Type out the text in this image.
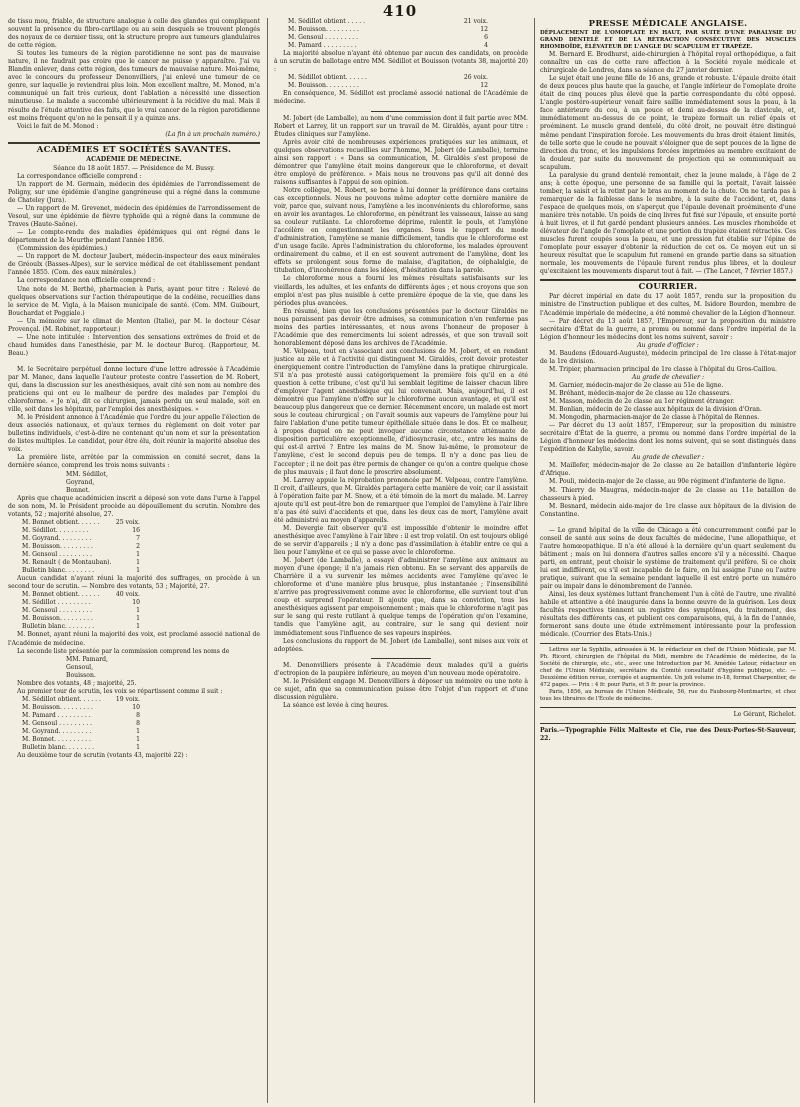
410

de tissu mou, friable, de structure analogue à celle des glandes qui compliquent souvent la présence du fibro-cartilage ou au sein desquels se trouvent plongés des noyaux de ce dernier tissu, ont la structure propre aux tumeurs glandulaires de cette région.

Si toutes les tumeurs de la région parotidienne ne sont pas de mauvaise nature, il ne faudrait pas croire que le cancer ne puisse y apparaître. J'ai vu Blandin enlever, dans cette région, des tumeurs de mauvaise nature. Moi-même, avec le concours du professeur Denonvilliers, j'ai enlevé une tumeur de ce genre, sur laquelle je reviendrai plus loin. Mon excellent maître, M. Monod, m'a communiqué un fait très curieux, dont l'ablation a nécessité une dissection minutieuse. Le malade a succombé ultérieurement à la récidive du mal. Mais il résulte de l'étude attentive des faits, que le vrai cancer de la région parotidienne est moins fréquent qu'on ne le pensait il y a quinze ans.

Voici le fait de M. Monod :

(La fin à un prochain numéro.)

ACADÉMIES ET SOCIÉTÉS SAVANTES.
ACADÉMIE DE MÉDECINE.

Séance du 18 août 1857. — Présidence de M. Bussy.

La correspondance officielle comprend :

Un rapport de M. Germain, médecin des épidémies de l'arrondissement de Poligny, sur une épidémie d'angine gangréneuse qui a régné dans la commune de Chateley (Jura).

— Un rapport de M. Grevenet, médecin des épidémies de l'arrondissement de Vesoul, sur une épidémie de fièvre typhoïde qui a régné dans la commune de Traves (Haute-Saône).

— Le compte-rendu des maladies épidémiques qui ont régné dans le département de la Meurthe pendant l'année 1856.

(Commission des épidémies.)

— Un rapport de M. docteur Jaubert, médecin-inspecteur des eaux minérales de Gréoulx (Basses-Alpes), sur le service médical de cet établissement pendant l'année 1855. (Com. des eaux minérales.)

La correspondance non officielle comprend :

Une note de M. Berthé, pharmacien à Paris, ayant pour titre : Relevé de quelques observations sur l'action thérapeutique de la codéine, recueillies dans le service de M. Vigla, à la Maison municipale de santé. (Com. MM. Guibourt, Bouchardat et Poggiale.)

— Un mémoire sur le climat de Menton (Italie), par M. le docteur César Provençal. (M. Robinet, rapporteur.)

— Une note intitulée : Intervention des sensations extrêmes de froid et de chaud humides dans l'anesthésie, par M. le docteur Burcq. (Rapporteur, M. Beau.)

M. le Secrétaire perpétuel donne lecture d'une lettre adressée à l'Académie par M. Manec, dans laquelle l'auteur proteste contre l'assertion de M. Robert, qui, dans la discussion sur les anesthésiques, avait cité son nom au nombre des praticiens qui ont eu le malheur de perdre des malades par l'emploi du chloroforme. « Je n'ai, dit ce chirurgien, jamais perdu un seul malade, soit en ville, soit dans les hôpitaux, par l'emploi des anesthésiques. »

M. le Président annonce à l'Académie que l'ordre du jour appelle l'élection de deux associés nationaux, et qu'aux termes du règlement on doit voter par bulletins individuels, c'est-à-dire ne contenant qu'un nom et sur la présentation de listes multiples. Le candidat, pour être élu, doit réunir la majorité absolue des voix.

La première liste, arrêtée par la commission en comité secret, dans la dernière séance, comprend les trois noms suivants :

MM. Sédillot,

Goyrand,

Bonnet.

Après que chaque académicien inscrit a déposé son vote dans l'urne à l'appel de son nom, M. le Président procède au dépouillement du scrutin. Nombre des votants, 52 ; majorité absolue, 27.

M. Bonnet obtient. . . . . .	25 voix.
M. Sédillot. . . . . . . . .	16
M. Goyrand. . . . . . . . .	7
M. Bouisson. . . . . . . . .	2
M. Gensoul . . . . . . . . .	1
M. Renault ( de Montauban).	1
Bulletin blanc. . . . . . . .	1

Aucun candidat n'ayant réuni la majorité des suffrages, on procède à un second tour de scrutin. — Nombre des votants, 53 ; Majorité, 27.

M. Bonnet obtient. . . . . .	40 voix.
M. Sédillot . . . . . . . . .	10
M. Gensoul . . . . . . . . .	1
M. Bouisson. . . . . . . . .	1
Bulletin blanc. . . . . . . .	1

M. Bonnet, ayant réuni la majorité des voix, est proclamé associé national de l'Académie de médecine.

La seconde liste présentée par la commission comprend les noms de

MM. Pamard,

Gensoul,

Bouisson.

Nombre des votants, 48 ; majorité, 25.

Au premier tour de scrutin, les voix se répartissent comme il suit :

M. Sédillot obtient. . . . . . 19 voix.
M. Bouisson. . . . . . . . .	10
M. Pamard . . . . . . . . .	8
M. Gensoul . . . . . . . . .	8
M. Goyrand. . . . . . . . .	1
M. Bonnet. . . . . . . . . .	1
Bulletin blanc. . . . . . . .	1

Au deuxième tour de scrutin (votants 43, majorité 22) :

M. Sédillot obtient . . . . .	21 voix.
M. Bouisson. . . . . . . . .	12
M. Gensoul . . . . . . . . .	6
M. Pamard . . . . . . . . .	4

La majorité absolue n'ayant été obtenue par aucun des candidats, on procède à un scrutin de ballotage entre MM. Sédillot et Bouisson (votants 38, majorité 20) :

M. Sédillot obtient. . . . . .	26 voix.
M. Bouisson. . . . . . . . .	12

En conséquence, M. Sédillot est proclamé associé national de l'Académie de médecine.

M. Jobert (de Lamballe), au nom d'une commission dont il fait partie avec MM. Robert et Larrey, lit un rapport sur un travail de M. Giraldès, ayant pour titre : Études cliniques sur l'amylène.

Après avoir cité de nombreuses expériences pratiquées sur les animaux, et quelques observations recueillies sur l'homme, M. Jobert (de Lamballe), termine ainsi son rapport : « Dans sa communication, M. Giraldès s'est proposé de démontrer que l'amylène était moins dangereux que le chloroforme, et devait être employé de préférence. » Mais nous ne trouvons pas qu'il ait donné des raisons suffisantes à l'appui de son opinion.

Notre collègue, M. Robert, se borne à lui donner la préférence dans certains cas exceptionnels. Nous ne pouvons même adopter cette dernière manière de voir, parce que, suivant nous, l'amylène a les inconvénients du chloroforme, sans en avoir les avantages. Le chloroforme, en pénétrant les vaisseaux, laisse au sang sa couleur rutilante. Le chloroforme déprime, ralentit le pouls, et l'amylène l'accélère en congestionnant les organes. Sous le rapport du mode d'administration, l'amylène se manie difficilement, tandis que le chloroforme est d'un usage facile. Après l'administration du chloroforme, les malades éprouvent ordinairement du calme, et il en est souvent autrement de l'amylène, dont les effets se prolongent sous forme de malaise, d'agitation, de céphalalgie, de titubation, d'incohérence dans les idées, d'hésitation dans la parole.

Le chloroforme nous a fourni les mêmes résultats satisfaisants sur les vieillards, les adultes, et les enfants de différents âges ; et nous croyons que son emploi n'est pas plus nuisible à cette première époque de la vie, que dans les périodes plus avancées.

En résumé, bien que les conclusions présentées par le docteur Giraldès ne nous paraissent pas devoir être admises, sa communication n'en renferme pas moins des parties intéressantes, et nous avons l'honneur de proposer à l'Académie que des remerciments lui soient adressés, et que son travail soit honorablement déposé dans les archives de l'Académie.

M. Velpeau, tout en s'associant aux conclusions de M. Jobert, et en rendant justice au zèle et à l'activité qui distinguent M. Giraldès, croit devoir protester énergiquement contre l'introduction de l'amylène dans la pratique chirurgicale. S'il n'a pas protesté aussi catégoriquement la première fois qu'il en a été question à cette tribune, c'est qu'il lui semblait légitime de laisser chacun libre d'employer l'agent anesthésique qui lui convenait. Mais, aujourd'hui, il est démontré que l'amylène n'offre sur le chloroforme aucun avantage, et qu'il est beaucoup plus dangereux que ce dernier. Récemment encore, un malade est mort sous le couteau chirurgical ; on l'avait soumis aux vapeurs de l'amylène pour lui faire l'ablation d'une petite tumeur épithéliale située dans le dos. Et ce malheur, à propos duquel on ne peut invoquer aucune circonstance atténuante de disposition particulière exceptionnelle, d'idiosyncrasie, etc., entre les mains de qui est-il arrivé ? Entre les mains de M. Snow lui-même, le promoteur de l'amylène, c'est le second depuis peu de temps. Il n'y a donc pas lieu de l'accepter ; il ne doit pas être permis de changer ce qu'on a contre quelque chose de plus mauvais ; il faut donc le proscrire absolument.

M. Larrey appuie la réprobation prononcée par M. Velpeau, contre l'amylène. Il croit, d'ailleurs, que M. Giraldès partagera cette manière de voir, car il assistait à l'opération faite par M. Snow, et a été témoin de la mort du malade. M. Larrey ajoute qu'il est peut-être bon de remarquer que l'emploi de l'amylène à l'air libre n'a pas été suivi d'accidents et que, dans les deux cas de mort, l'amylène avait été administré au moyen d'appareils.

M. Devergie fait observer qu'il est impossible d'obtenir le moindre effet anesthésique avec l'amylène à l'air libre : il est trop volatil. On est toujours obligé de se servir d'appareils ; il n'y a donc pas d'assimilation à établir entre ce qui a lieu pour l'amylène et ce qui se passe avec le chloroforme.

M. Jobert (de Lamballe), a essayé d'administrer l'amylène aux animaux au moyen d'une éponge; il n'a jamais rien obtenu. En se servant des appareils de Charrière il a vu survenir les mêmes accidents avec l'amylène qu'avec le chloroforme et d'une manière plus brusque, plus instantanée ; l'insensibilité n'arrive pas progressivement comme avec le chloroforme, elle survient tout d'un coup et surprend l'opérateur. Il ajoute que, dans sa conviction, tous les anesthésiques agissent par empoisonnement ; mais que le chloroforme n'agit pas sur le sang qui reste rutilant à quelque temps de l'opération qu'on l'examine, tandis que l'amylène agit, au contraire, sur le sang qui devient noir immédiatement sous l'influence de ses vapeurs inspirées.

Les conclusions du rapport de M. Jobert (de Lamballe), sont mises aux voix et adoptées.

M. Denonvilliers présente à l'Académie deux malades qu'il a guéris d'ectropion de la paupière inférieure, au moyen d'un nouveau mode opératoire.

M. le Président engage M. Denonvilliers à déposer un mémoire ou une note à ce sujet, afin que sa communication puisse être l'objet d'un rapport et d'une discussion régulière.

La séance est levée à cinq heures.

PRESSE MÉDICALE ANGLAISE.

DÉPLACEMENT DE L'OMOPLATE EN HAUT, PAR SUITE D'UNE PARALYSIE DU GRAND DENTELÉ ET DE LA RÉTRACTION CONSÉCUTIVE DES MUSCLES RHOMBOÏDE, ÉLÉVATEUR DE L'ANGLE DU SCAPULUM ET TRAPÈZE.

M. Bernard E. Brodhurst, aide-chirurgien à l'hôpital royal orthopédique, a fait connaître un cas de cette rare affection à la Société royale médicale et chirurgicale de Londres, dans sa séance du 27 janvier dernier.

Le sujet était une jeune fille de 16 ans, grande et robuste. L'épaule droite était de deux pouces plus haute que la gauche, et l'angle inférieur de l'omoplate droite était de cinq pouces plus élevé que la partie correspondante du côté opposé. L'angle postéro-supérieur venait faire saillie immédiatement sous la peau, à la face antérieure du cou, à un pouce et demi au-dessus de la clavicule, et, immédiatement au-dessus de ce point, le trapèze formait un relief épais et proéminent. Le muscle grand dentelé, du côté droit, ne pouvait être distingué même pendant l'inspiration forcée. Les mouvements du bras droit étaient limités, de telle sorte que le coude ne pouvait s'éloigner que de sept pouces de la ligne de direction du tronc, et les impulsions forcées imprimées au membre excitaient de la douleur, par suite du mouvement de projection qui se communiquait au scapulum.

La paralysie du grand dentelé remontait, chez la jeune malade, à l'âge de 2 ans; à cette époque, une personne de sa famille qui la portait, l'avait laissée tomber, la saisit et la retint par le bras au moment de la chute. On ne tarda pas à remarquer de la faiblesse dans le membre, à la suite de l'accident, et, dans l'espace de quelques mois, on s'aperçut que l'épaule devenait proéminente d'une manière très notable. Un poids de cinq livres fut fixé sur l'épaule, et ensuite porté à huit livres, et il fut gardé pendant plusieurs années. Les muscles rhomboïde et élévateur de l'angle de l'omoplate et une portion du trapèze étaient rétractés. Ces muscles furent coupés sous la peau, et une pression fut établie sur l'épine de l'omoplate pour essayer d'obtenir la réduction de cet os. Ce moyen eut un si heureux résultat que le scapulum fut ramené en grande partie dans sa situation normale, les mouvements de l'épaule furent rendus plus libres, et la douleur qu'excitaient les mouvements disparut tout à fait. — (The Lancet, 7 février 1857.)

COURRIER.

Par décret impérial en date du 17 août 1857, rendu sur la proposition du ministre de l'instruction publique et des cultes, M. Isidore Bourdon, membre de l'Académie impériale de médecine, a été nommé chevalier de la Légion d'honneur.

— Par décret du 13 août 1857, l'Empereur, sur la proposition du ministre secrétaire d'État de la guerre, a promu ou nommé dans l'ordre impérial de la Légion d'honneur les médecins dont les noms suivent, savoir :

Au grade d'officier :

M. Baudens (Édouard-Auguste), médecin principal de 1re classe à l'état-major de la 1re division.

M. Tripier, pharmacien principal de 1re classe à l'hôpital du Gros-Caillou.

Au grade de chevalier :

M. Garnier, médecin-major de 2e classe au 51e de ligne.

M. Bréhant, médecin-major de 2e classe au 12e chasseurs.

M. Masson, médecin de 2e classe au 1er régiment étranger.

M. Bonlian, médecin de 2e classe aux hôpitaux de la division d'Oran.

M. Mongodin, pharmacien-major de 2e classe à l'hôpital de Rennes.

— Par décret du 13 août 1857, l'Empereur, sur la proposition du ministre secrétaire d'État de la guerre, a promu ou nommé dans l'ordre impérial de la Légion d'honneur les médecins dont les noms suivent, qui se sont distingués dans l'expédition de Kabylie, savoir.

Au grade de chevalier :

M. Maillefer, médecin-major de 2e classe au 2e bataillon d'infanterie légère d'Afrique.

M. Pouli, médecin-major de 2e classe, au 90e régiment d'infanterie de ligne.

M. Thierry de Maugras, médecin-major de 2e classe au 11e bataillon de chasseurs à pied.

M. Besnard, médecin aide-major de 1re classe aux hôpitaux de la division de Constantine.

— Le grand hôpital de la ville de Chicago a été concurremment confié par le conseil de santé aux soins de deux facultés de médecine, l'une allopathique, et l'autre homœopathique. Il n'a été alloué à la dernière qu'un quart seulement du bâtiment ; mais on lui donnera d'autres salles encore s'il y a nécessité. Chaque parti, en entrant, peut choisir le système de traitement qu'il préfère. Si ce choix lui est indifférent, ou s'il est incapable de le faire, on lui assigne l'une ou l'autre pratique, suivant que la semaine pendant laquelle il est entré porte un numéro pair ou impair dans le dénombrement de l'année.

Ainsi, les deux systèmes luttant franchement l'un à côté de l'autre, une rivalité habile et attentive a été inaugurée dans la bonne œuvre de la guérison. Les deux facultés respectives tiennent un registre des symptômes, du traitement, des résultats des différents cas, et publient ces comparaisons, qui, à la fin de l'année, formeront sans doute une étude extrêmement intéressante pour la profession médicale. (Courrier des États-Unis.)

Lettres sur la Syphilis, adressées à M. le rédacteur en chef de l'Union Médicale, par M. Ph. Ricord, chirurgien de l'hôpital du Midi, membre de l'Académie de médecine, de la Société de chirurgie, etc., etc., avec une Introduction par M. Amédée Latour, rédacteur en chef de l'Union Médicale, secrétaire du Comité consultatif d'hygiène publique, etc. — Deuxième édition revue, corrigée et augmentée. Un joli volume in-18, format Charpentier, de 472 pages. — Prix : 4 fr. pour Paris, et 5 fr. pour la province.

Paris, 1856, au bureau de l'Union Médicale, 56, rue du Faubourg-Montmartre, et chez tous les libraires de l'École de médecine.

Le Gérant, Richelot.

Paris.—Typographie Félix Malteste et Cie, rue des Deux-Portes-St-Sauveur, 22.
